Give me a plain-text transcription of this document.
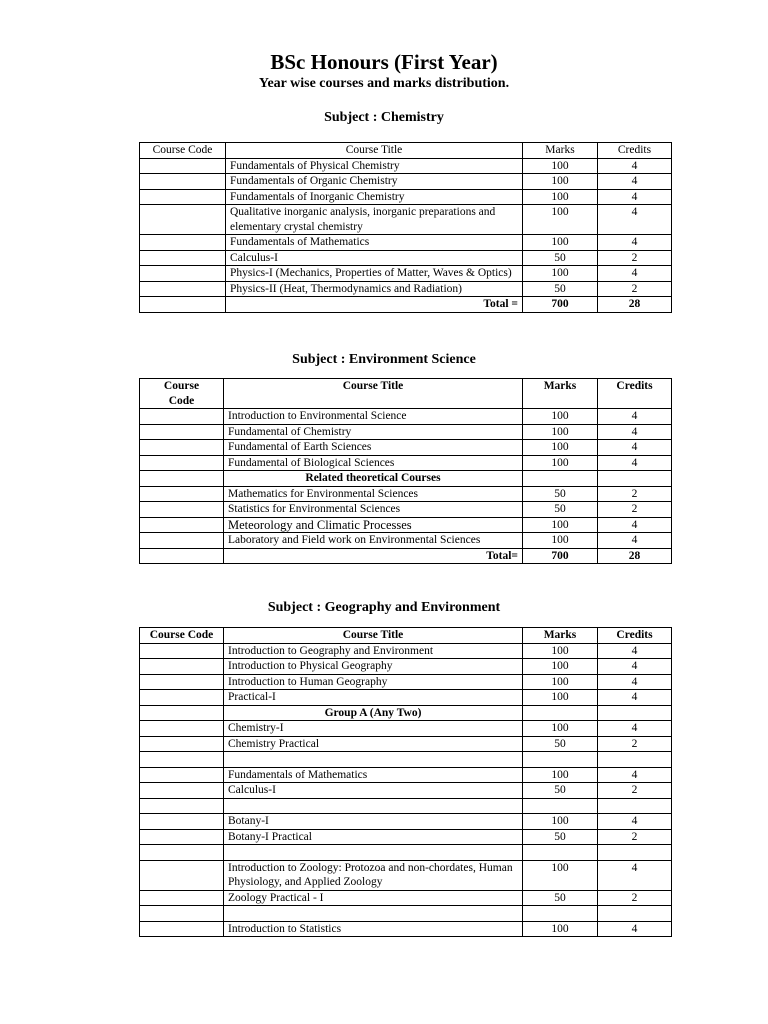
BSc Honours (First Year)
Year wise courses and marks distribution.
Subject : Chemistry
Course Code	Course Title	Marks	Credits
	Fundamentals of Physical Chemistry	100	4
	Fundamentals of Organic Chemistry	100	4
	Fundamentals of Inorganic Chemistry	100	4
	Qualitative inorganic analysis, inorganic preparations and elementary crystal chemistry	100	4
	Fundamentals of Mathematics	100	4
	Calculus-I	50	2
	Physics-I (Mechanics, Properties of Matter, Waves & Optics)	100	4
	Physics-II (Heat, Thermodynamics and Radiation)	50	2
	Total =	700	28
Subject : Environment Science
Course Code	Course Title	Marks	Credits
	Introduction to Environmental Science	100	4
	Fundamental of Chemistry	100	4
	Fundamental of Earth Sciences	100	4
	Fundamental of Biological Sciences	100	4
	Related theoretical Courses		
	Mathematics for Environmental Sciences	50	2
	Statistics for Environmental Sciences	50	2
	Meteorology and Climatic Processes	100	4
	Laboratory and Field work on Environmental Sciences	100	4
	Total=	700	28
Subject : Geography and Environment
Course Code	Course Title	Marks	Credits
	Introduction to Geography and Environment	100	4
	Introduction to Physical Geography	100	4
	Introduction to Human Geography	100	4
	Practical-I	100	4
	Group A (Any Two)		
	Chemistry-I	100	4
	Chemistry Practical	50	2

	Fundamentals of Mathematics	100	4
	Calculus-I	50	2

	Botany-I	100	4
	Botany-I Practical	50	2

	Introduction to Zoology: Protozoa and non-chordates, Human Physiology, and Applied Zoology	100	4
	Zoology Practical - I	50	2

	Introduction to Statistics	100	4
